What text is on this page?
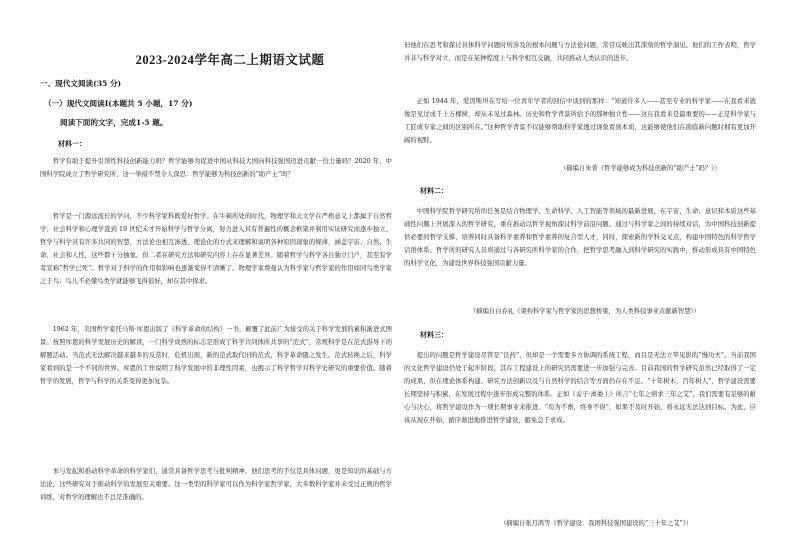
2023-2024学年高二上期语文试题
一、现代文阅读(35 分)
（一）现代文阅读I(本题共 5 小题，17 分)
阅读下面的文字，完成1-5 题。
材料一：

哲学有助于提升引领性科技创新能力吗？哲学能够为促进中国从科技大国向科技强国迈进贡献一份力量吗？2020 年，中国科学院成立了哲学研究所，这一举措不禁令人深思：哲学能够为科技创新的“助产士”吗？

哲学是一门源远流长的学问，不少科学家科既爱好哲学。在牛顿所处的时代，物理学和天文学在严格意义上都属于自然哲学；社会科学和心理学直到 19 世纪末才开始科学与哲学分离，努力进入具有普遍性的概念框架并利用实证研究而逐步独立。哲学与科学具有许多共同的智慧，方法论也相互渗透，理论化的方式来理解和说明各种原因现象的规律，涵盖宇宙、自然、生命、社会和人性，这些都十分抽象。但二者在研究方法和研究内容上存在显著差异。随着哲学与科学各自独立门户，甚至有学者宣称“哲学已死”。哲学对于科学的作用和影响也逐渐变得不清晰了。物理学家费曼认为科学家与哲学家的作用如同鸟类学家之于鸟：鸟儿不必懂鸟类学就能够飞得很好，却在其中探求。

1962 年，美国哲学家托马斯·库恩出版了《科学革命的结构》一书，颠覆了此前广为接受的关于科学发展的累积渐进式图景。按照库恩的科学发展历史的解读，一门科学成熟的标志是形成了科学共同体所共享的“范式”，常规科学是在范式指导下的解题活动。当范式无法解决越来越多的反常时，危机出现，新的范式取代旧的范式，科学革命随之发生。范式转换之后，科学家看到的是一个不同的世界。库恩的工作说明了科学发展中的非理性因素，也揭示了科学哲学对科学史研究的重要价值。随着哲学的发展，哲学与科学的关系变得更加复杂。

本与发起和推动科学革命的科学家们，通常具备哲学思考与批判精神。他们思考的不仅是具体问题，更是知识的基础与方法论，这些研究对于推动科学的发展至关重要。这一类型的科学家可以作为科学家哲学家，大多数科学家并未受过正规的哲学训练，对哲学的理解也不总是准确的。

但他们在思考和探讨具体科学问题时所涉及的根本问题与方法论问题，常常反映出其深刻的哲学洞见。他们的工作表明，哲学并非与科学对立，而是在某种程度上与科学相互交融，共同推动人类认识的进步。

正如 1944 年，爱因斯坦在写给一位青年学者的回信中谈到的那样：“知道许多人——甚至专业的科学家——在我看来就像是见过成千上万棵树，却从未见过森林。历史和哲学背景所给予的那种独立性——这在我看来是最重要的——正是科学家与工匠或专家之间的区别所在。”这种哲学背景不仅能够帮助科学家透过现象看到本质，也能够使他们在面临新问题时拥有更加开阔的视野。

（摘编自朱菁《哲学能够成为科技创新的“助产士”吗？》）
材料二：

中国科学院哲学研究所的任务是结合物理学、生命科学、人工智能等领域的最新进展，在宇宙、生命、意识和本质这些基础性问题上开展深入的哲学研究，重在推动以哲学视角探讨科学前沿问题。通过与科学家之间的持续对话，为中国科技创新提供必要的哲学支撑，培养同时具备科学素养和哲学素养的复合型人才，同时，探索新的学科交叉点，构建中国特色的科学哲学话语体系。哲学所的研究人员将通过与各研究所科学家的合作，把哲学思考融入到科学研究的实践中，推动形成具有中国特色的科学文化，为建设世界科技强国贡献力量。

（摘编自白春礼《架构科学家与哲学家的思想桥梁，为人类科技事业贡献新智慧》）
材料三：

提出的问题是哲学建设尽管是“良药”，但却是一个需要多方协调的系统工程，而且是无法立竿见影的“慢功夫”。当前我国的文化哲学建设仍处于起步阶段，其在工程建设上的研究仍需要进一步加强与完善。目前我国的哲学研究虽然已经取得了一定的成果，但在理论体系构建、研究方法创新以及与自然科学的结合等方面仍存在不足。“十年树木，百年树人”，哲学建设需要长期坚持与积累，在发展过程中逐步形成完整的体系。正如《孟子·离娄上》所言“七年之病求三年之艾”，我们需要有足够的耐心与决心，将哲学建设作为一项长期事业来推进。“苟为不畜，终身不得”，如果不及时开始，将永远无法达到目标。为此，应该从现在开始，循序渐进地推进哲学建设，避免急于求成。

（摘编自张月鸿等《哲学建设：我国科技强国建设的“三十年之艾”》）
